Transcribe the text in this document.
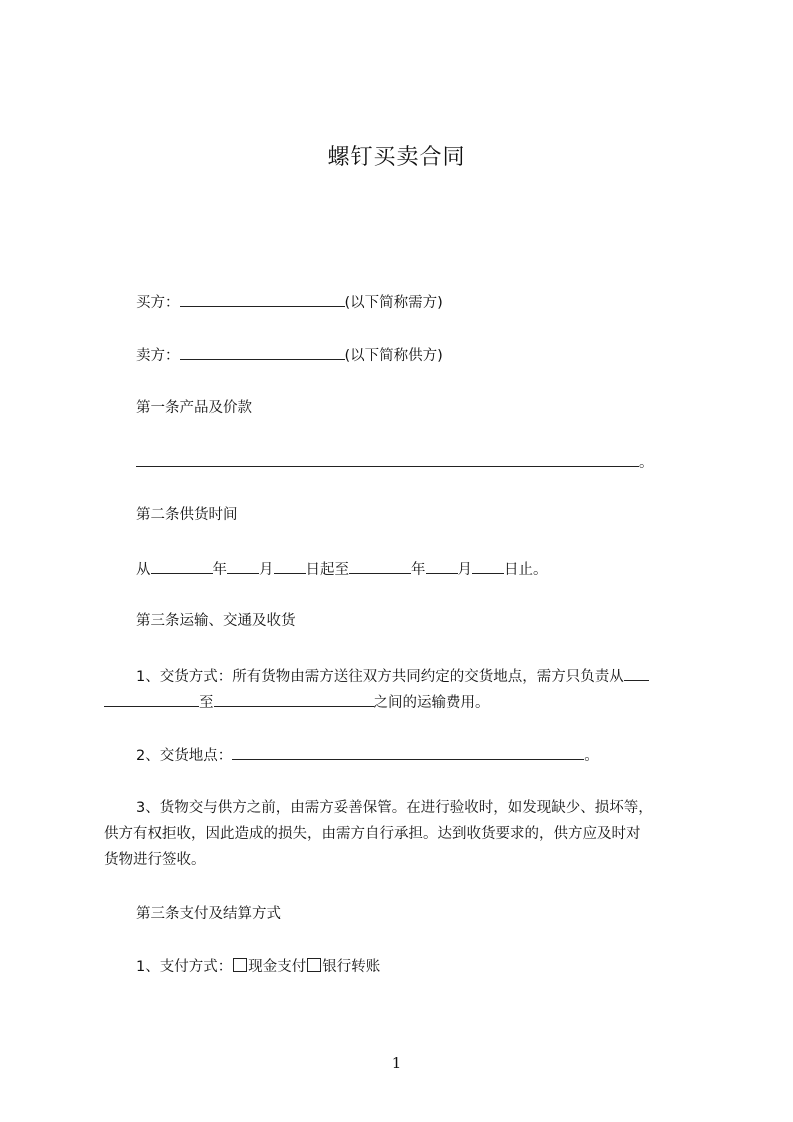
螺钉买卖合同
买方：	(以下简称需方)
卖方：	(以下简称供方)
第一条产品及价款
。
第二条供货时间
从	年 月 日起至	年 月 日止。
第三条运输、交通及收货
1、交货方式：所有货物由需方送往双方共同约定的交货地点，需方只负责从
至	之间的运输费用。
2、交货地点：	。
3、货物交与供方之前，由需方妥善保管。在进行验收时，如发现缺少、损坏等，
供方有权拒收，因此造成的损失，由需方自行承担。达到收货要求的，供方应及时对
货物进行签收。
第三条支付及结算方式
1、支付方式： 现金支付 银行转账
1
